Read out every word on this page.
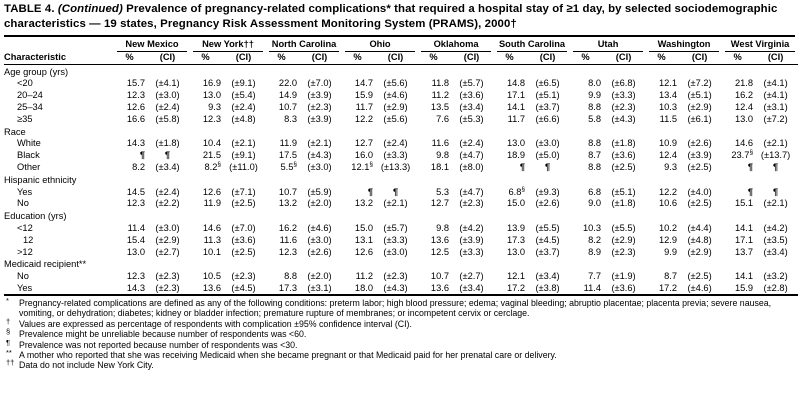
TABLE 4. (Continued) Prevalence of pregnancy-related complications* that required a hospital stay of ≥1 day, by selected sociodemographic characteristics — 19 states, Pregnancy Risk Assessment Monitoring System (PRAMS), 2000†
Characteristic	New Mexico		New York††		North Carolina		Ohio		Oklahoma		South Carolina		Utah		Washington		West Virginia	

	%	(CI)	%	(CI)	%	(CI)	%	(CI)	%	(CI)	%	(CI)	%	(CI)	%	(CI)	%	(CI)
Age group (yrs)																		
<20	15.7	(±4.1)	16.9	(±9.1)	22.0	(±7.0)	14.7	(±5.6)	11.8	(±5.7)	14.8	(±6.5)	8.0	(±6.8)	12.1	(±7.2)	21.8	(±4.1)
20–24	12.3	(±3.0)	13.0	(±5.4)	14.9	(±3.9)	15.9	(±4.6)	11.2	(±3.6)	17.1	(±5.1)	9.9	(±3.3)	13.4	(±5.1)	16.2	(±4.1)
25–34	12.6	(±2.4)	9.3	(±2.4)	10.7	(±2.3)	11.7	(±2.9)	13.5	(±3.4)	14.1	(±3.7)	8.8	(±2.3)	10.3	(±2.9)	12.4	(±3.1)
≥35	16.6	(±5.8)	12.3	(±4.8)	8.3	(±3.9)	12.2	(±5.6)	7.6	(±5.3)	11.7	(±6.6)	5.8	(±4.3)	11.5	(±6.1)	13.0	(±7.2)
Race																		
White	14.3	(±1.8)	10.4	(±2.1)	11.9	(±2.1)	12.7	(±2.4)	11.6	(±2.4)	13.0	(±3.0)	8.8	(±1.8)	10.9	(±2.6)	14.6	(±2.1)
Black	¶	¶	21.5	(±9.1)	17.5	(±4.3)	16.0	(±3.3)	9.8	(±4.7)	18.9	(±5.0)	8.7	(±3.6)	12.4	(±3.9)	23.7§	(±13.7)
Other	8.2	(±3.4)	8.2§	(±11.0)	5.5§	(±3.0)	12.1§	(±13.3)	18.1	(±8.0)	¶	¶	8.8	(±2.5)	9.3	(±2.5)	¶	¶
Hispanic ethnicity																		
Yes	14.5	(±2.4)	12.6	(±7.1)	10.7	(±5.9)	¶	¶	5.3	(±4.7)	6.8§	(±9.3)	6.8	(±5.1)	12.2	(±4.0)	¶	¶
No	12.3	(±2.2)	11.9	(±2.5)	13.2	(±2.0)	13.2	(±2.1)	12.7	(±2.3)	15.0	(±2.6)	9.0	(±1.8)	10.6	(±2.5)	15.1	(±2.1)
Education (yrs)																		
<12	11.4	(±3.0)	14.6	(±7.0)	16.2	(±4.6)	15.0	(±5.7)	9.8	(±4.2)	13.9	(±5.5)	10.3	(±5.5)	10.2	(±4.4)	14.1	(±4.2)
12	15.4	(±2.9)	11.3	(±3.6)	11.6	(±3.0)	13.1	(±3.3)	13.6	(±3.9)	17.3	(±4.5)	8.2	(±2.9)	12.9	(±4.8)	17.1	(±3.5)
>12	13.0	(±2.7)	10.1	(±2.5)	12.3	(±2.6)	12.6	(±3.0)	12.5	(±3.3)	13.0	(±3.7)	8.9	(±2.3)	9.9	(±2.9)	13.7	(±3.4)
Medicaid recipient**																		
No	12.3	(±2.3)	10.5	(±2.3)	8.8	(±2.0)	11.2	(±2.3)	10.7	(±2.7)	12.1	(±3.4)	7.7	(±1.9)	8.7	(±2.5)	14.1	(±3.2)
Yes	14.3	(±2.3)	13.6	(±4.5)	17.3	(±3.1)	18.0	(±4.3)	13.6	(±3.4)	17.2	(±3.8)	11.4	(±3.6)	17.2	(±4.6)	15.9	(±2.8)
*	Pregnancy-related complications are defined as any of the following conditions: preterm labor; high blood pressure; edema; vaginal bleeding; abruptio placentae; placenta previa; severe nausea, vomiting, or dehydration; diabetes; kidney or bladder infection; premature rupture of membranes; or incompetent cervix or cerclage.
†	Values are expressed as percentage of respondents with complication ±95% confidence interval (CI).
§	Prevalence might be unreliable because number of respondents was <60.
¶	Prevalence was not reported because number of respondents was <30.
** A mother who reported that she was receiving Medicaid when she became pregnant or that Medicaid paid for her prenatal care or delivery.
†† Data do not include New York City.
